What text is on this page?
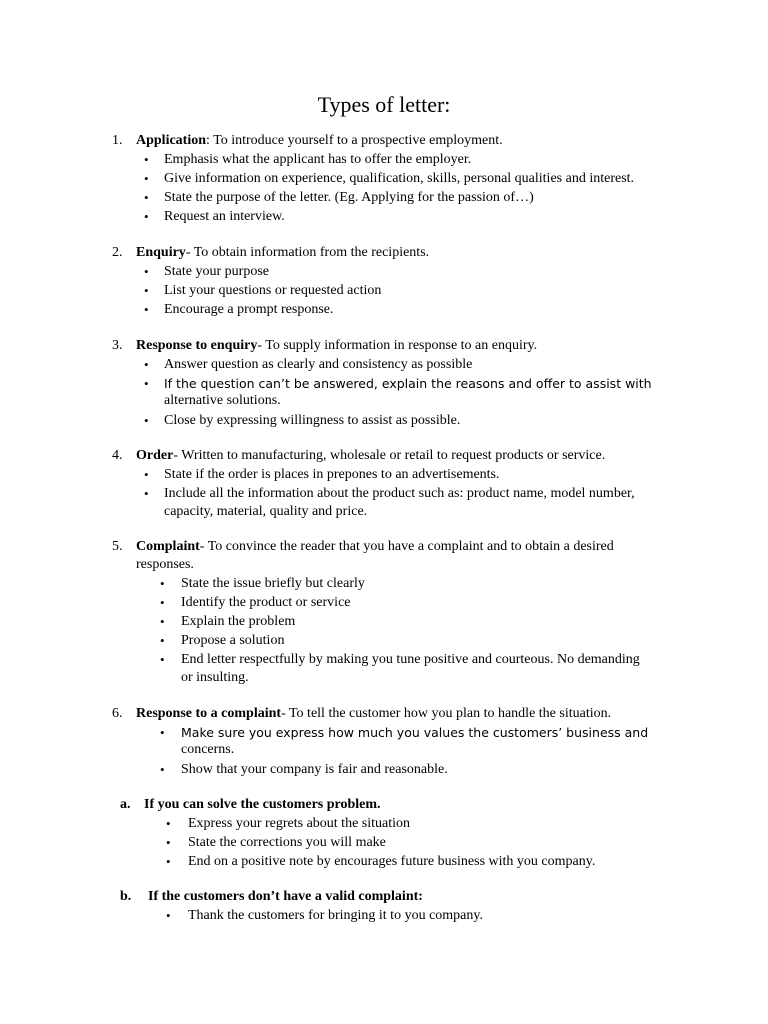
Types of letter:
1. Application: To introduce yourself to a prospective employment.
• Emphasis what the applicant has to offer the employer.
• Give information on experience, qualification, skills, personal qualities and interest.
• State the purpose of the letter. (Eg. Applying for the passion of…)
• Request an interview.
2. Enquiry- To obtain information from the recipients.
• State your purpose
• List your questions or requested action
• Encourage a prompt response.
3. Response to enquiry- To supply information in response to an enquiry.
• Answer question as clearly and consistency as possible
• If the question can’t be answered, explain the reasons and offer to assist with
alternative solutions.
• Close by expressing willingness to assist as possible.
4. Order- Written to manufacturing, wholesale or retail to request products or service.
• State if the order is places in prepones to an advertisements.
• Include all the information about the product such as: product name, model number,
capacity, material, quality and price.
5. Complaint- To convince the reader that you have a complaint and to obtain a desired
responses.
• State the issue briefly but clearly
• Identify the product or service
• Explain the problem
• Propose a solution
• End letter respectfully by making you tune positive and courteous. No demanding
or insulting.
6. Response to a complaint- To tell the customer how you plan to handle the situation.
• Make sure you express how much you values the customers’ business and
concerns.
• Show that your company is fair and reasonable.
a. If you can solve the customers problem.
• Express your regrets about the situation
• State the corrections you will make
• End on a positive note by encourages future business with you company.
b. If the customers don’t have a valid complaint:
• Thank the customers for bringing it to you company.
